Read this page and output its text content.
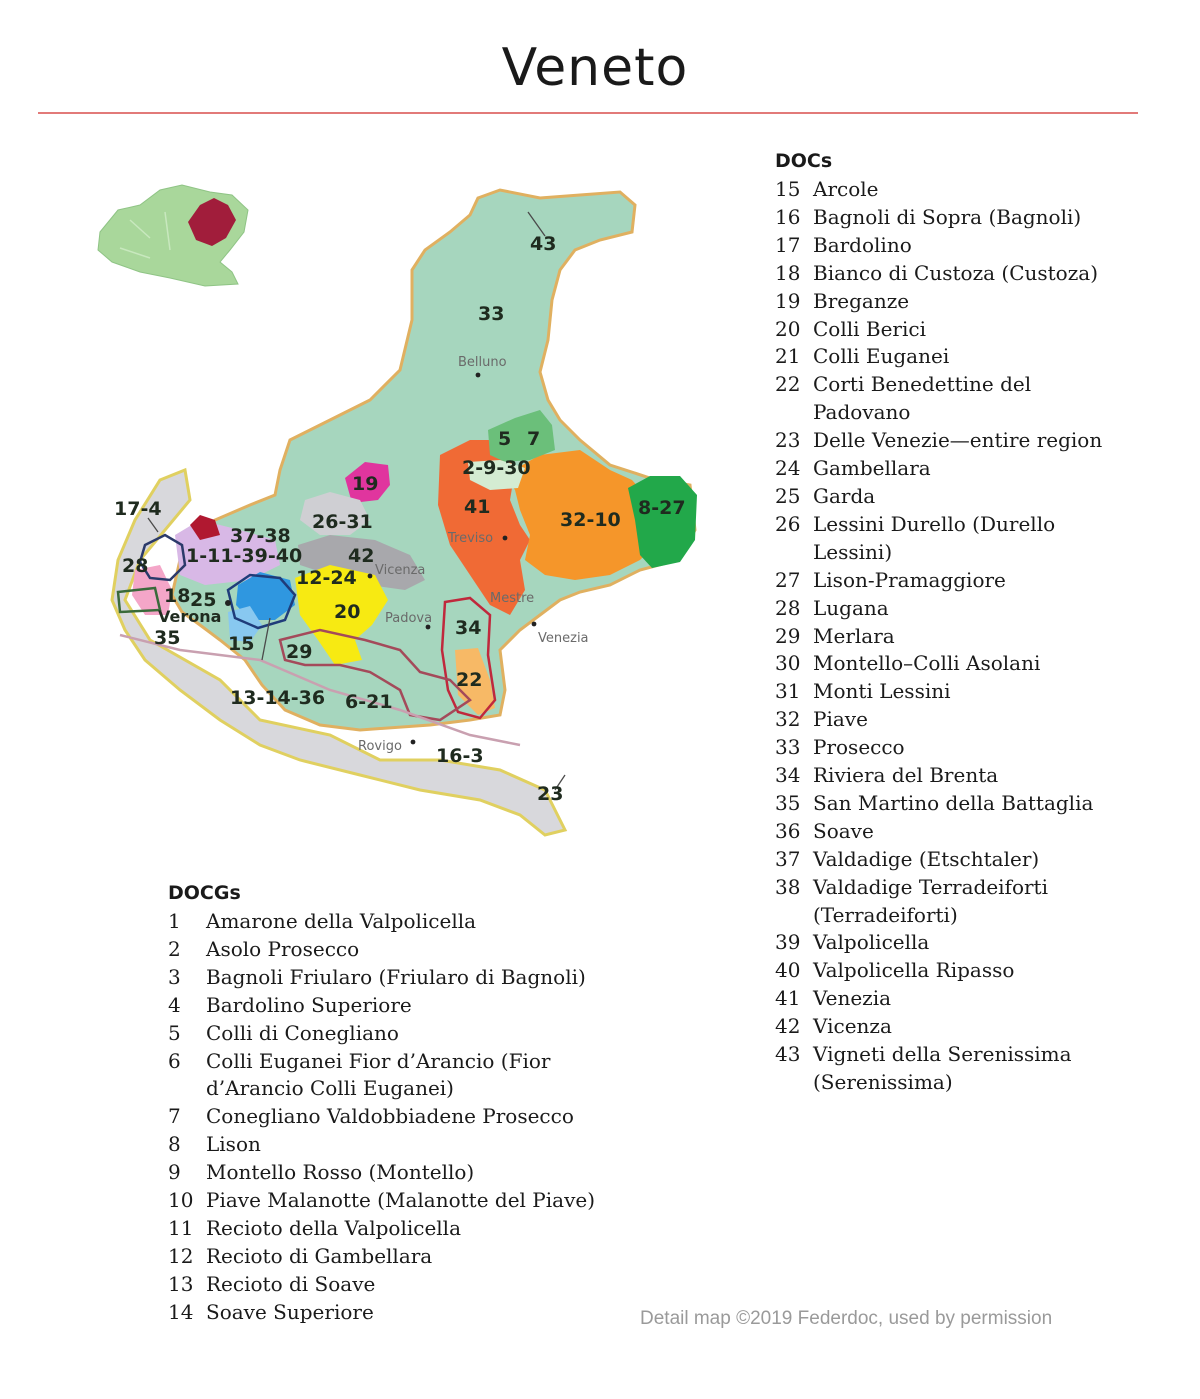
Veneto
Belluno
Treviso
Vicenza
Padova
Mestre
Venezia
Rovigo
43
33
5 7
2-9-30
19
41
32-10
8-27
17-4
37-38
26-31
1-11-39-40 42
28
12-24
18 25
Verona	20
34
35	15 29
22
13-14-36 6-21
16-3
23
DOCs
15 Arcole
16 Bagnoli di Sopra (Bagnoli)
17 Bardolino
18 Bianco di Custoza (Custoza)
19 Breganze
20 Colli Berici
21 Colli Euganei
22 Corti Benedettine del Padovano
23 Delle Venezie—entire region
24 Gambellara
25 Garda
26 Lessini Durello (Durello Lessini)
27 Lison-Pramaggiore
28 Lugana
29 Merlara
30 Montello–Colli Asolani
31 Monti Lessini
32 Piave
33 Prosecco
34 Riviera del Brenta
35 San Martino della Battaglia
36 Soave
37 Valdadige (Etschtaler)
38 Valdadige Terradeiforti (Terradeiforti)
39 Valpolicella
40 Valpolicella Ripasso
41 Venezia
42 Vicenza
43 Vigneti della Serenissima (Serenissima)
DOCGs
1	Amarone della Valpolicella
2	Asolo Prosecco
3	Bagnoli Friularo (Friularo di Bagnoli)
4	Bardolino Superiore
5	Colli di Conegliano
6	Colli Euganei Fior d’Arancio (Fior d’Arancio Colli Euganei)
7	Conegliano Valdobbiadene Prosecco
8	Lison
9	Montello Rosso (Montello)
10 Piave Malanotte (Malanotte del Piave)
11 Recioto della Valpolicella
12 Recioto di Gambellara
13 Recioto di Soave
14 Soave Superiore	Detail map ©2019 Federdoc, used by permission
